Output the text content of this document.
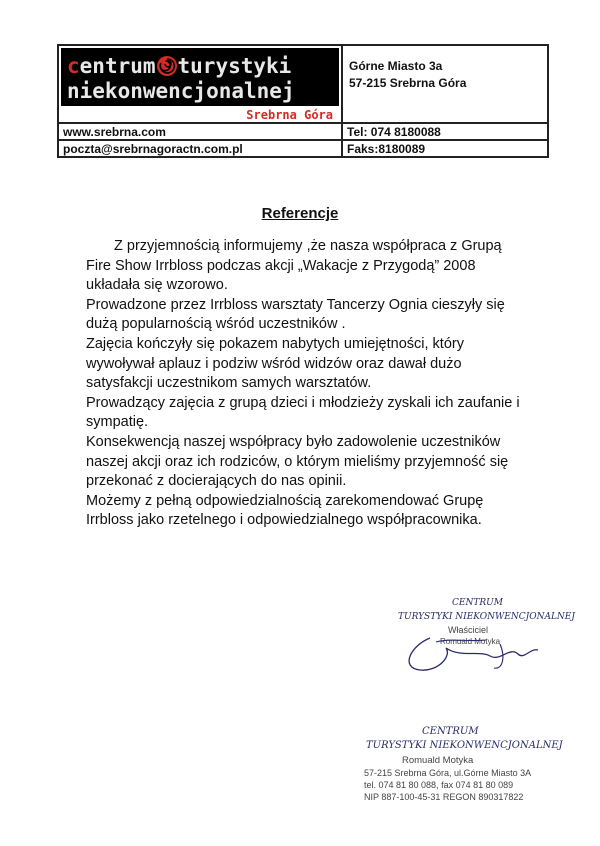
centrum turystyki
niekonwencjonalnej
Srebrna Góra
Górne Miasto 3a
57-215 Srebrna Góra
www.srebrna.com	Tel: 074 8180088
poczta@srebrnagoractn.com.pl	Faks:8180089
Referencje

Z przyjemnością informujemy ,że nasza współpraca z Grupą Fire Show Irrbloss podczas akcji „Wakacje z Przygodą” 2008 układała się wzorowo.

Prowadzone przez Irrbloss warsztaty Tancerzy Ognia cieszyły się dużą popularnością wśród uczestników .

Zajęcia kończyły się pokazem nabytych umiejętności, który wywoływał aplauz i podziw wśród widzów oraz dawał dużo satysfakcji uczestnikom samych warsztatów.

Prowadzący zajęcia z grupą dzieci i młodzieży zyskali ich zaufanie i sympatię.

Konsekwencją naszej współpracy było zadowolenie uczestników naszej akcji oraz ich rodziców, o którym mieliśmy przyjemność się przekonać z docierających do nas opinii.

Możemy z pełną odpowiedzialnością zarekomendować Grupę Irrbloss jako rzetelnego i odpowiedzialnego współpracownika.

CENTRUM
TURYSTYKI NIEKONWENCJONALNEJ
Właściciel
Romuald Motyka
CENTRUM
TURYSTYKI NIEKONWENCJONALNEJ
Romuald Motyka
57-215 Srebrna Góra, ul.Górne Miasto 3A
tel. 074 81 80 088, fax 074 81 80 089
NIP 887-100-45-31 REGON 890317822
